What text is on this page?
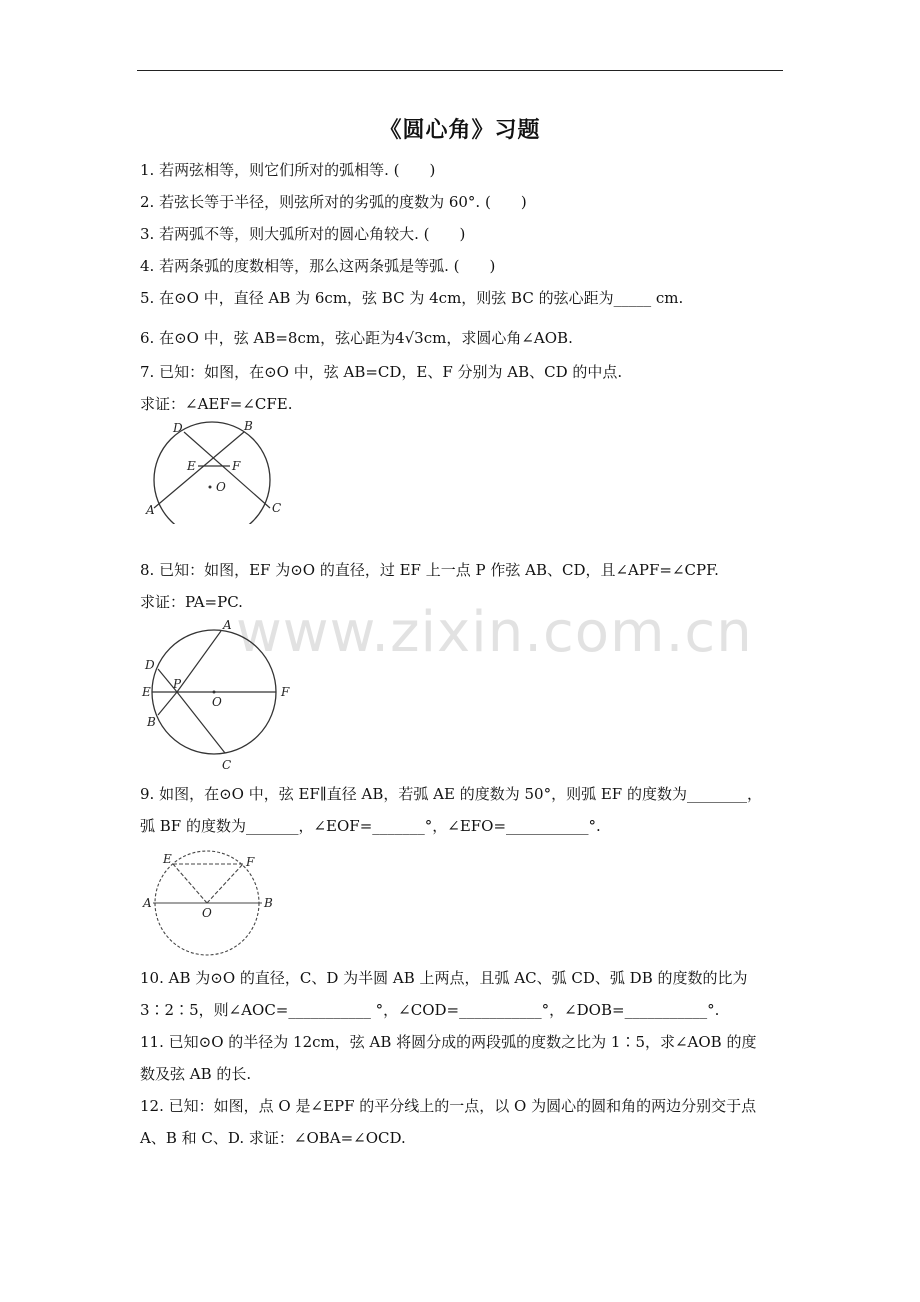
《圆心角》习题
1. 若两弦相等，则它们所对的弧相等. (　　)
2. 若弦长等于半径，则弦所对的劣弧的度数为 60°. (　　)
3. 若两弧不等，则大弧所对的圆心角较大. (　　)
4. 若两条弧的度数相等，那么这两条弧是等弧. (　　)
5. 在⊙O 中，直径 AB 为 6cm，弦 BC 为 4cm，则弦 BC 的弦心距为_____ cm.
6. 在⊙O 中，弦 AB=8cm，弦心距为4√3cm，求圆心角∠AOB.
7. 已知：如图，在⊙O 中，弦 AB=CD，E、F 分别为 AB、CD 的中点.
求证：∠AEF=∠CFE.
D	B
E	F
O
A	C
8. 已知：如图，EF 为⊙O 的直径，过 EF 上一点 P 作弦 AB、CD，且∠APF=∠CPF.
求证：PA=PC.
www.zixin.com.cn
A
D
E
P
O
F
B
C
9. 如图，在⊙O 中，弦 EF∥直径 AB，若弧 AE 的度数为 50°，则弧 EF 的度数为________，
弧 BF 的度数为_______，∠EOF=_______°，∠EFO=___________°.
E	F
A
O
B
10. AB 为⊙O 的直径，C、D 为半圆 AB 上两点，且弧 AC、弧 CD、弧 DB 的度数的比为
3∶2∶5，则∠AOC=___________ °，∠COD=___________°，∠DOB=___________°.
11. 已知⊙O 的半径为 12cm，弦 AB 将圆分成的两段弧的度数之比为 1∶5，求∠AOB 的度
数及弦 AB 的长.
12. 已知：如图，点 O 是∠EPF 的平分线上的一点，以 O 为圆心的圆和角的两边分别交于点
A、B 和 C、D. 求证：∠OBA=∠OCD.
